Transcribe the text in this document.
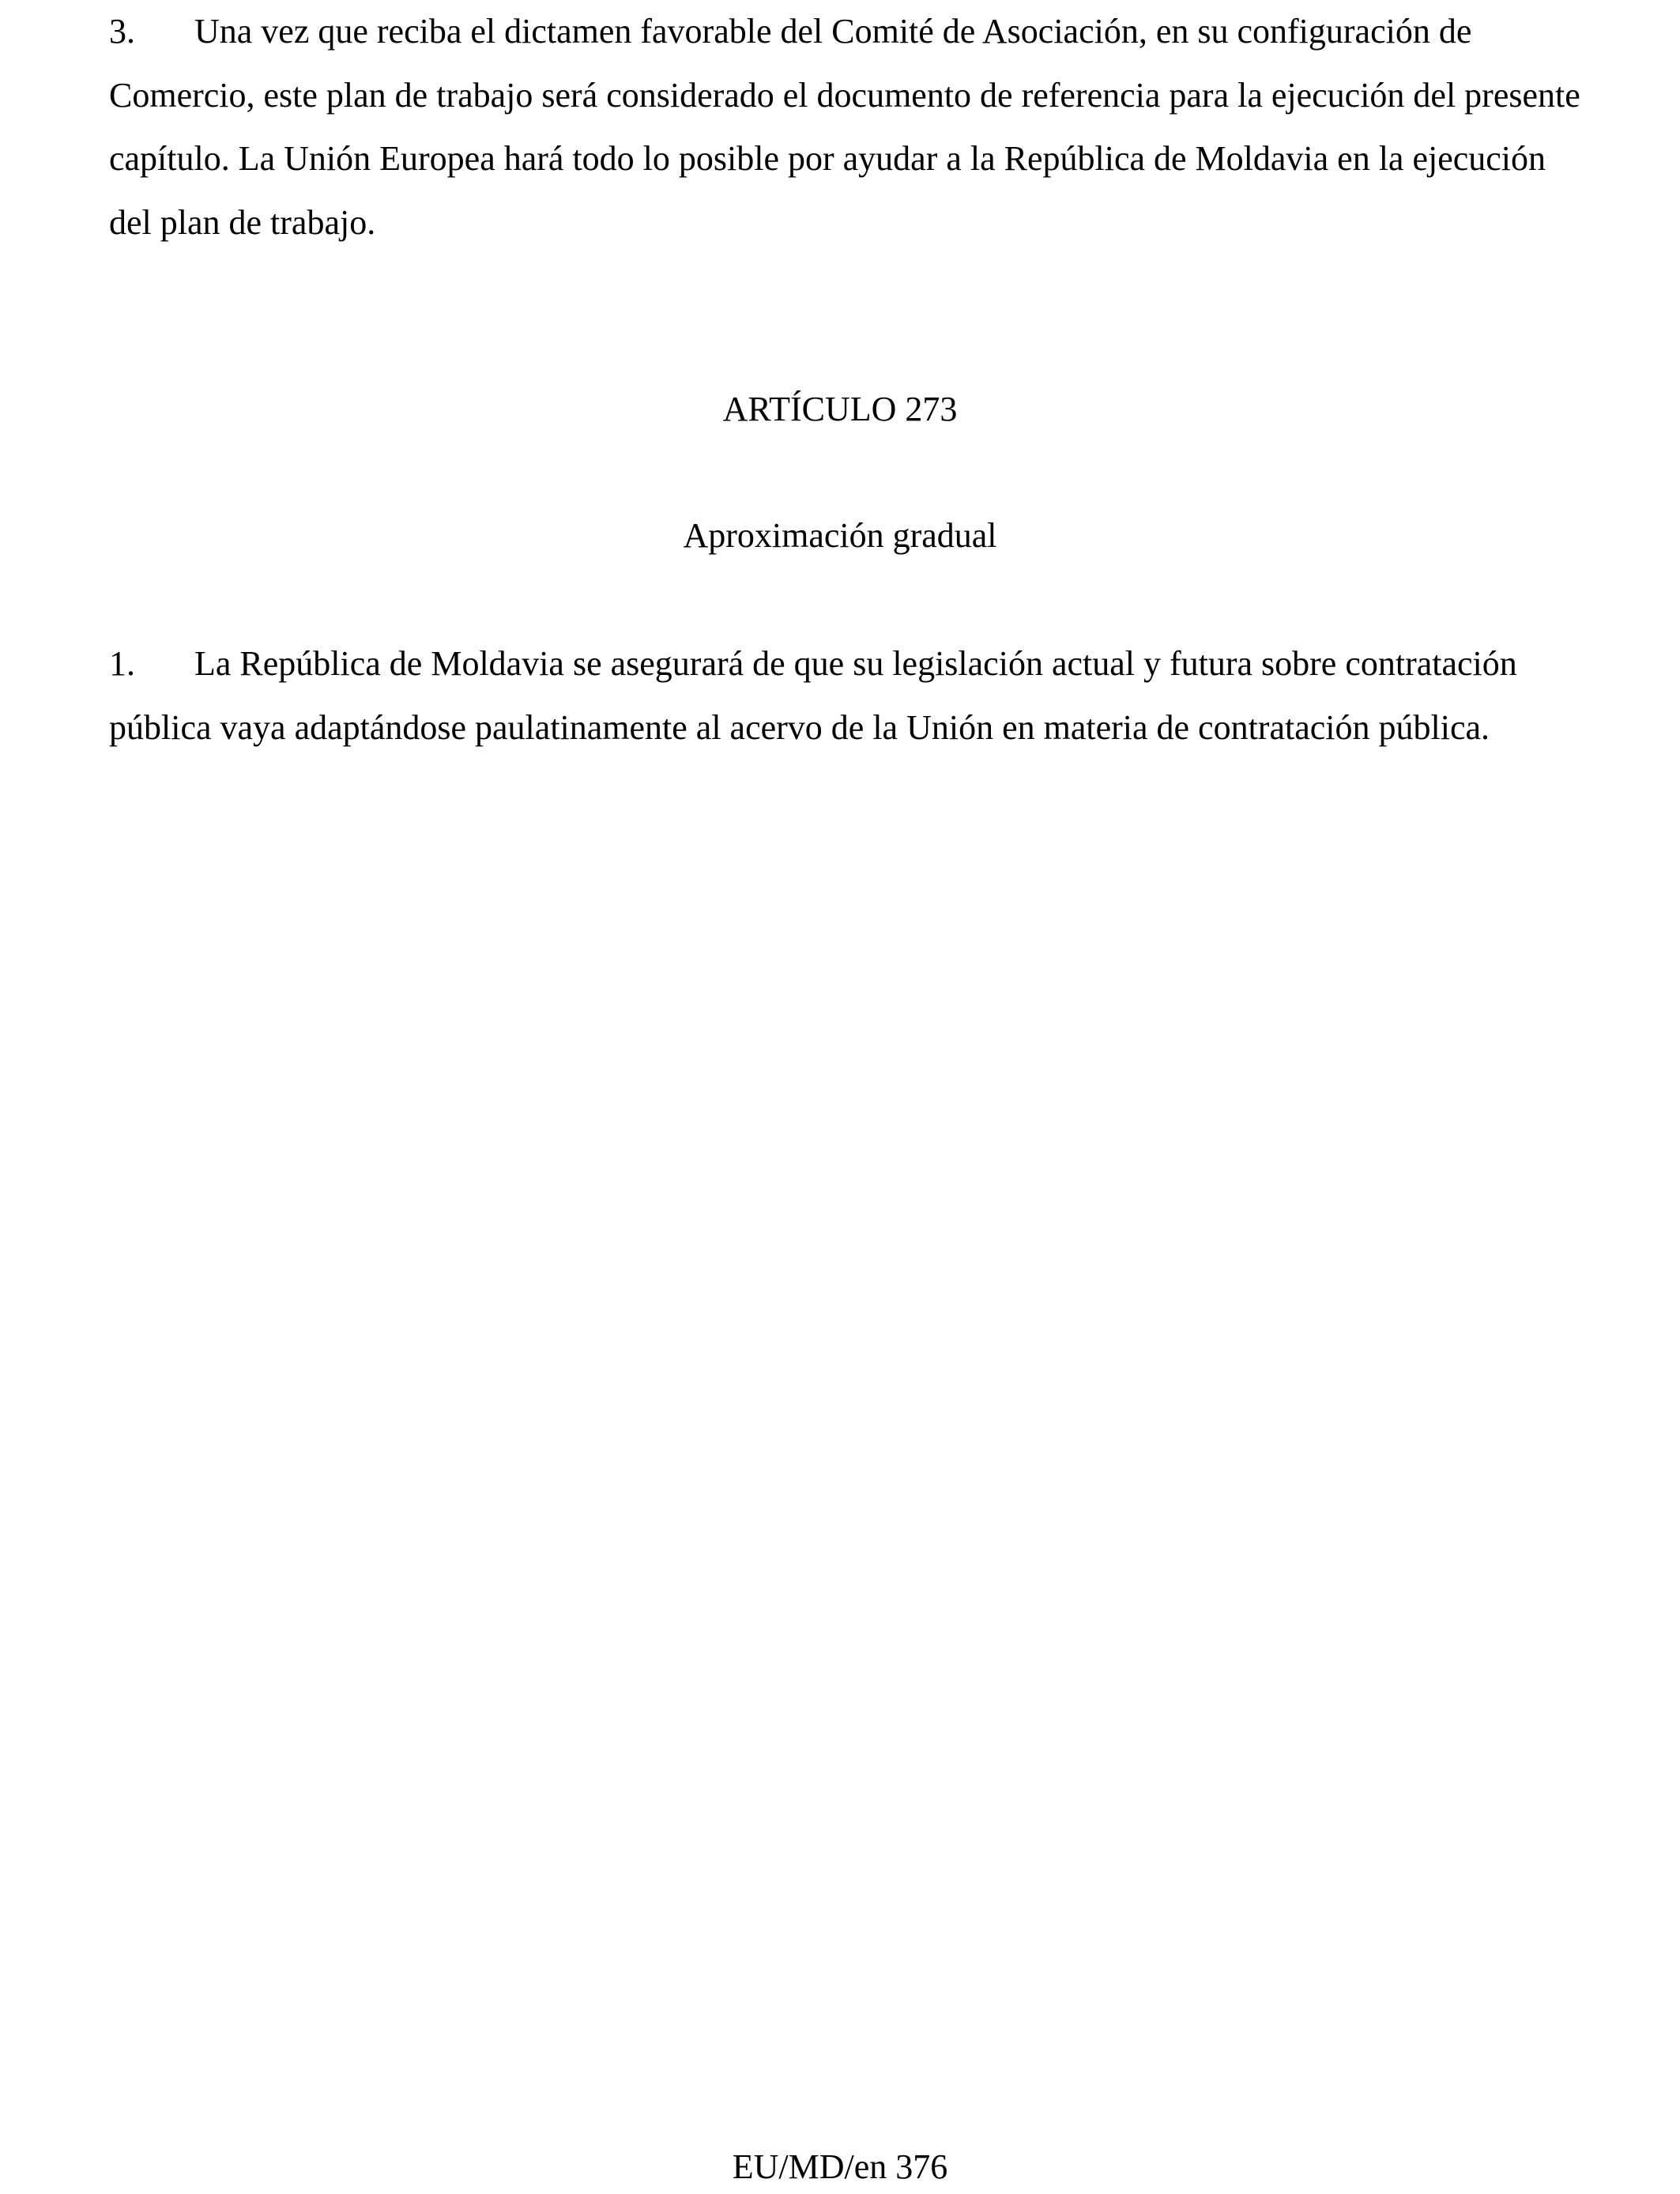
3. Una vez que reciba el dictamen favorable del Comité de Asociación, en su configuración de Comercio, este plan de trabajo será considerado el documento de referencia para la ejecución del presente capítulo. La Unión Europea hará todo lo posible por ayudar a la República de Moldavia en la ejecución del plan de trabajo.

ARTÍCULO 273
Aproximación gradual

1. La República de Moldavia se asegurará de que su legislación actual y futura sobre contratación pública vaya adaptándose paulatinamente al acervo de la Unión en materia de contratación pública.

EU/MD/en 376
